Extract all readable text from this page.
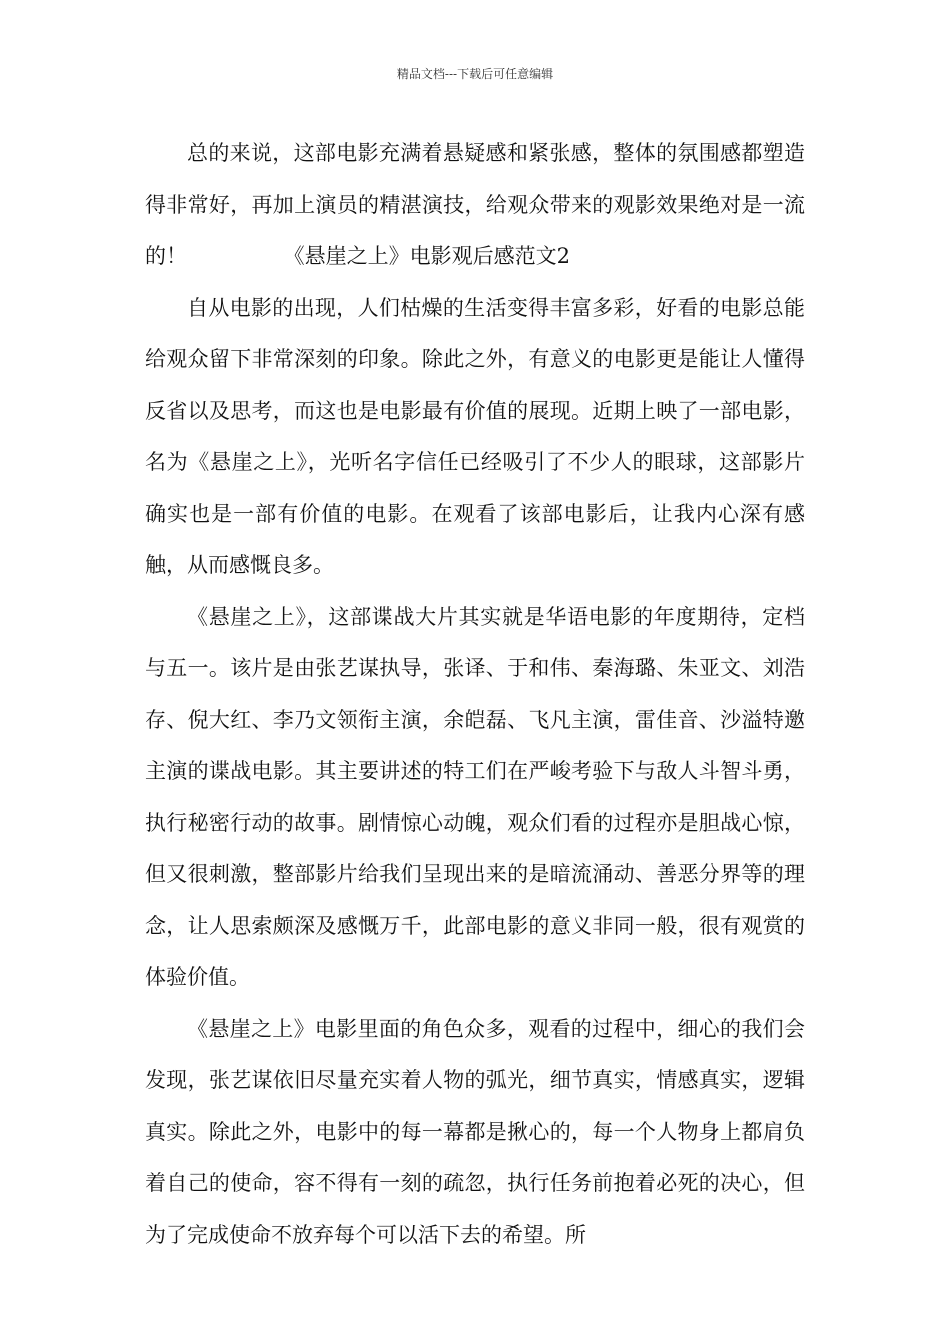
精品文档---下载后可任意编辑

总的来说，这部电影充满着悬疑感和紧张感，整体的氛围感都塑造得非常好，再加上演员的精湛演技，给观众带来的观影效果绝对是一流的！	《悬崖之上》电影观后感范文2

自从电影的出现，人们枯燥的生活变得丰富多彩，好看的电影总能给观众留下非常深刻的印象。除此之外，有意义的电影更是能让人懂得反省以及思考，而这也是电影最有价值的展现。近期上映了一部电影，名为《悬崖之上》，光听名字信任已经吸引了不少人的眼球，这部影片确实也是一部有价值的电影。在观看了该部电影后，让我内心深有感触，从而感慨良多。

《悬崖之上》，这部谍战大片其实就是华语电影的年度期待，定档与五一。该片是由张艺谋执导，张译、于和伟、秦海璐、朱亚文、刘浩存、倪大红、李乃文领衔主演，余皑磊、飞凡主演，雷佳音、沙溢特邀主演的谍战电影。其主要讲述的特工们在严峻考验下与敌人斗智斗勇，执行秘密行动的故事。剧情惊心动魄，观众们看的过程亦是胆战心惊，但又很刺激，整部影片给我们呈现出来的是暗流涌动、善恶分界等的理念，让人思索颇深及感慨万千，此部电影的意义非同一般，很有观赏的体验价值。

《悬崖之上》电影里面的角色众多，观看的过程中，细心的我们会发现，张艺谋依旧尽量充实着人物的弧光，细节真实，情感真实，逻辑真实。除此之外，电影中的每一幕都是揪心的，每一个人物身上都肩负着自己的使命，容不得有一刻的疏忽，执行任务前抱着必死的决心，但为了完成使命不放弃每个可以活下去的希望。所
